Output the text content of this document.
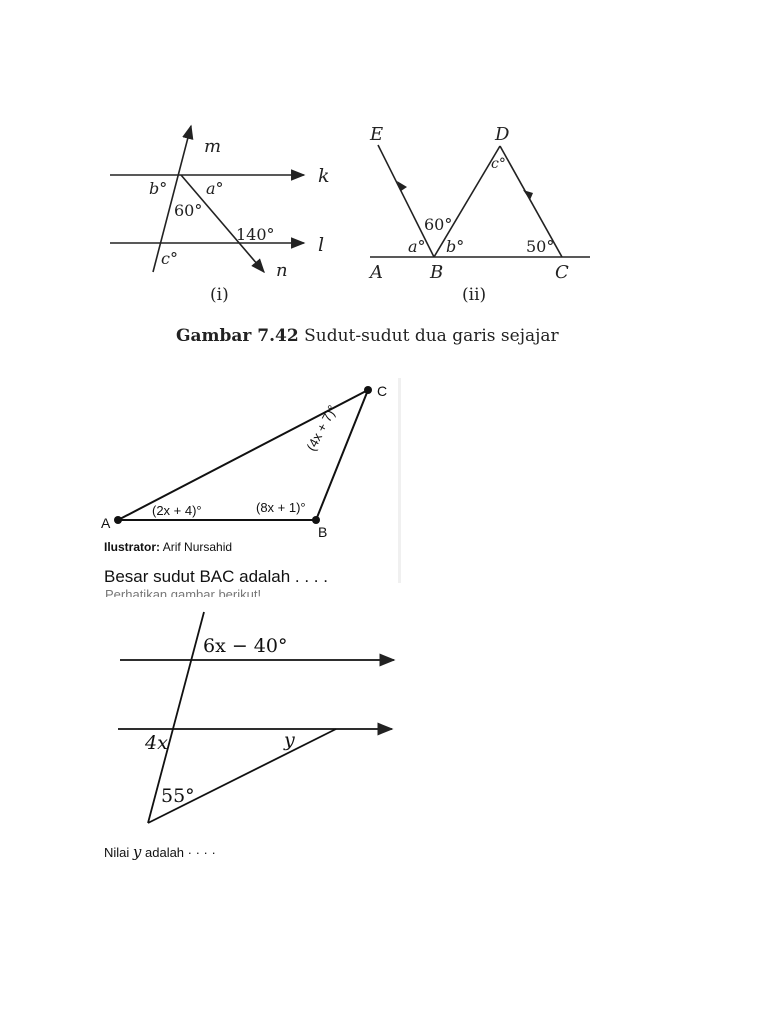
m
k
l
n
b° a°
60°
140°
c°
(i)
E	D
c°
60°
a° b°	50°
A	B	C
(ii)
Gambar 7.42 Sudut-sudut dua garis sejajar
A
B
C
(2x + 4)°	(8x + 1)°
(4x + 7)°
Ilustrator: Arif Nursahid
Besar sudut BAC adalah . . . .
Perhatikan gambar berikut!
6x − 40°
4x	y
55°
Nilai y adalah · · · ·
